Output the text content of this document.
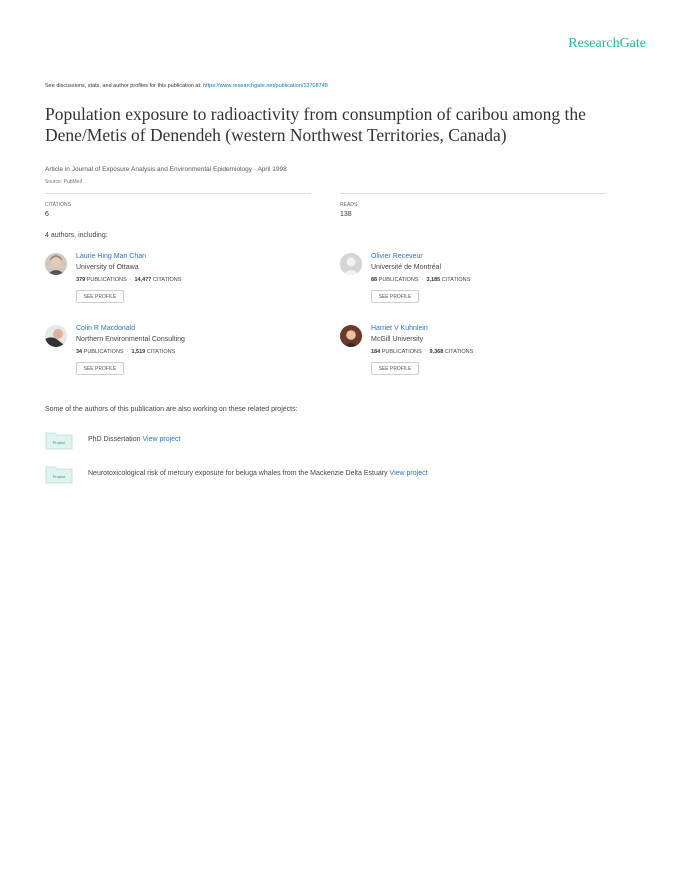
ResearchGate
See discussions, stats, and author profiles for this publication at: https://www.researchgate.net/publication/13708748
Population exposure to radioactivity from consumption of caribou among the Dene/Metis of Denendeh (western Northwest Territories, Canada)
Article in Journal of Exposure Analysis and Environmental Epidemiology · April 1998
Source: PubMed
CITATIONS
6
READS
138
4 authors, including:
Laurie Hing Man Chan
University of Ottawa
379 PUBLICATIONS · 14,477 CITATIONS
SEE PROFILE
Olivier Receveur
Université de Montréal
88 PUBLICATIONS · 3,185 CITATIONS
SEE PROFILE
Colin R Macdonald
Northern Environmental Consulting
34 PUBLICATIONS · 1,519 CITATIONS
SEE PROFILE
Harriet V Kuhnlein
McGill University
184 PUBLICATIONS · 9,368 CITATIONS
SEE PROFILE
Some of the authors of this publication are also working on these related projects:
Project	PhD Dissertation View project
Project	Neurotoxicological risk of mercury exposure for beluga whales from the Mackenzie Delta Estuary View project
